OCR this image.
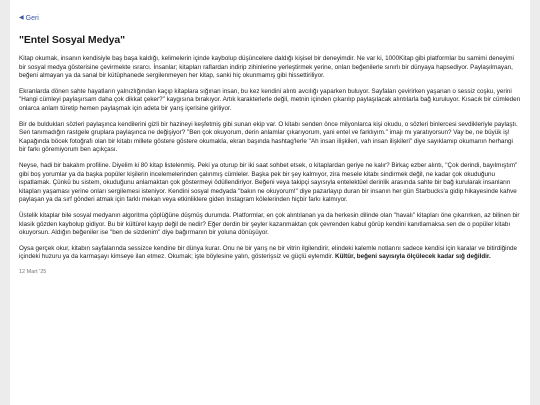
◀ Geri
"Entel Sosyal Medya"

Kitap okumak, insanın kendisiyle baş başa kaldığı, kelimelerin içinde kaybolup düşüncelere daldığı kişisel bir deneyimdir. Ne var ki, 1000Kitap gibi platformlar bu samimi deneyimi bir sosyal medya gösterisine çevirmekte ısrarcı. İnsanlar; kitapları raflardan indirip zihinlerine yerleştirmek yerine, onları beğenilerle sınırlı bir dünyaya hapsediyor. Paylaşılmayan, beğeni almayan ya da sanal bir kütüphanede sergilenmeyen her kitap, sanki hiç okunmamış gibi hissettiriliyor.

Ekranlarda dönen sahte hayatların yalnızlığından kaçıp kitaplara sığınan insan, bu kez kendini alıntı avcılığı yaparken buluyor. Sayfaları çevirirken yaşanan o sessiz coşku, yerini "Hangi cümleyi paylaşırsam daha çok dikkat çeker?" kaygısına bırakıyor. Artık karakterlerle değil, metnin içinden çıkarılıp paylaşılacak alıntılarla bağ kuruluyor. Kısacık bir cümleden onlarca anlam türetip hemen paylaşmak için adeta bir yarış içerisine giriliyor.

Bir de buldukları sözleri paylaşınca kendilerini gizli bir hazineyi keşfetmiş gibi sunan ekip var. O kitabı senden önce milyonlarca kişi okudu, o sözleri binlercesi sevdikleriyle paylaştı. Sen tanımadığın rastgele gruplara paylaşınca ne değişiyor? "Ben çok okuyorum, derin anlamlar çıkarıyorum, yani entel ve farklıyım." imajı mı yaratıyorsun? Vay be, ne büyük iş! Kapağında böcek fotoğrafı olan bir kitabı millete göstere göstere okumakla, ekran başında hashtag'lerle "Ah insan ilişkileri, vah insan ilişkileri" diye sayıklamıp okumanın herhangi bir farkı göremiyorum ben açıkçası.

Neyse, hadi bir bakalım profiline. Diyelim ki 80 kitap listelenmiş. Peki ya oturup bir iki saat sohbet etsek, o kitaplardan geriye ne kalır? Birkaç ezber alıntı, "Çok derindi, bayılmıştım" gibi boş yorumlar ya da başka popüler kişilerin incelemelerinden çalınmış cümleler. Başka pek bir şey kalmıyor, zira mesele kitabı sindirmek değil, ne kadar çok okuduğunu ispatlamak. Çünkü bu sistem, okuduğunu anlamaktan çok göstermeyi ödüllendiriyor. Beğeni veya takipçi sayısıyla entelektüel derinlik arasında sahte bir bağ kurularak insanların kitapları yaşaması yerine onları sergilemesi isteniyor. Kendini sosyal medyada "bakın ne okuyorum!" diye pazarlayıp duran bir insanın her gün Starbucks'a gidip hikayesinde kahve paylaşan ya da sırf gönderi atmak için farklı mekan veya etkinliklere giden Instagram kölelerinden hiçbir farkı kalmıyor.

Üstelik kitaplar bile sosyal medyanın algoritma çöplüğüne düşmüş durumda. Platformlar, en çok alıntılanan ya da herkesin dilinde olan "havalı" kitapları öne çıkarırken, az bilinen bir klasik gözden kaybolup gidiyor. Bu bir kültürel kayıp değil de nedir? Eğer derdin bir şeyler kazanmaktan çok çevrenden kabul görüp kendini kanıtlamaksa sen de o popüler kitabı okuyorsun. Aldığın beğeniler ise "ben de sizdenim" diye bağırmanın bir yoluna dönüşüyor.

Oysa gerçek okur, kitabın sayfalarında sessizce kendine bir dünya kurar. Onu ne bir yarış ne bir vitrin ilgilendirir, elindeki kalemle notlarını sadece kendisi için karalar ve bitirdiğinde içindeki huzuru ya da karmaşayı kimseye ilan etmez. Okumak; işte böylesine yalın, gösterişsiz ve güçlü eylemdir. Kültür, beğeni sayısıyla ölçülecek kadar sığ değildir.

12 Mart '25
